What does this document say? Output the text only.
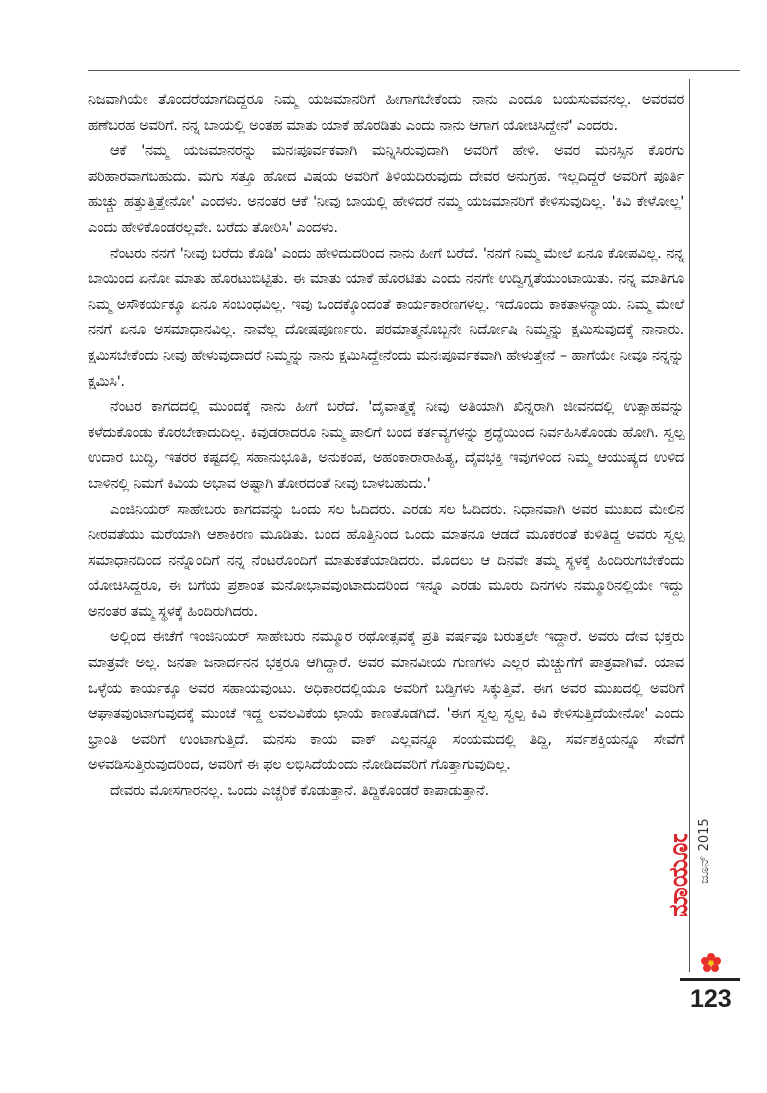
ನಿಜವಾಗಿಯೇ ತೊಂದರೆಯಾಗದಿದ್ದರೂ ನಿಮ್ಮ ಯಜಮಾನರಿಗೆ ಹೀಗಾಗಬೇಕೆಂದು ನಾನು ಎಂದೂ ಬಯಸುವವನಲ್ಲ. ಅವರವರ ಹಣೆಬರಹ ಅವರಿಗೆ. ನನ್ನ ಬಾಯಲ್ಲಿ ಅಂತಹ ಮಾತು ಯಾಕೆ ಹೊರಡಿತು ಎಂದು ನಾನು ಆಗಾಗ ಯೋಚಿಸಿದ್ದೇನೆ' ಎಂದರು.

ಆಕೆ 'ನಮ್ಮ ಯಜಮಾನರನ್ನು ಮನಃಪೂರ್ವಕವಾಗಿ ಮನ್ನಿಸಿರುವುದಾಗಿ ಅವರಿಗೆ ಹೇಳಿ. ಅವರ ಮನಸ್ಸಿನ ಕೊರಗು ಪರಿಹಾರವಾಗಬಹುದು. ಮಗು ಸತ್ತೂ ಹೋದ ವಿಷಯ ಅವರಿಗೆ ತಿಳಿಯದಿರುವುದು ದೇವರ ಅನುಗ್ರಹ. ಇಲ್ಲದಿದ್ದರೆ ಅವರಿಗೆ ಪೂರ್ತಿ ಹುಚ್ಚು ಹತ್ತುತ್ತಿತ್ತೇನೋ' ಎಂದಳು. ಅನಂತರ ಆಕೆ 'ನೀವು ಬಾಯಲ್ಲಿ ಹೇಳಿದರೆ ನಮ್ಮ ಯಜಮಾನರಿಗೆ ಕೇಳಿಸುವುದಿಲ್ಲ. 'ಕಿವಿ ಕೇಳೋಲ್ಲ' ಎಂದು ಹೇಳಿಕೊಂಡರಲ್ಲವೇ. ಬರೆದು ತೋರಿಸಿ' ಎಂದಳು.

ನೆಂಟರು ನನಗೆ 'ನೀವು ಬರೆದು ಕೊಡಿ' ಎಂದು ಹೇಳಿದುದರಿಂದ ನಾನು ಹೀಗೆ ಬರೆದೆ. 'ನನಗೆ ನಿಮ್ಮ ಮೇಲೆ ಏನೂ ಕೋಪವಿಲ್ಲ. ನನ್ನ ಬಾಯಿಂದ ಏನೋ ಮಾತು ಹೊರಟುಬಿಟ್ಟಿತು. ಈ ಮಾತು ಯಾಕೆ ಹೊರಟಿತು ಎಂದು ನನಗೇ ಉದ್ವಿಗ್ನತೆಯುಂಟಾಯಿತು. ನನ್ನ ಮಾತಿಗೂ ನಿಮ್ಮ ಅಸೌಕರ್ಯಕ್ಕೂ ಏನೂ ಸಂಬಂಧವಿಲ್ಲ. ಇವು ಒಂದಕ್ಕೊಂದಂತೆ ಕಾರ್ಯಕಾರಣಗಳಲ್ಲ. ಇದೊಂದು ಕಾಕತಾಳನ್ಯಾಯ. ನಿಮ್ಮ ಮೇಲೆ ನನಗೆ ಏನೂ ಅಸಮಾಧಾನವಿಲ್ಲ. ನಾವೆಲ್ಲ ದೋಷಪೂರ್ಣರು. ಪರಮಾತ್ಮನೊಬ್ಬನೇ ನಿರ್ದೋಷಿ ನಿಮ್ಮನ್ನು ಕ್ಷಮಿಸುವುದಕ್ಕೆ ನಾನಾರು. ಕ್ಷಮಿಸಬೇಕೆಂದು ನೀವು ಹೇಳುವುದಾದರೆ ನಿಮ್ಮನ್ನು ನಾನು ಕ್ಷಮಿಸಿದ್ದೇನೆಂದು ಮನಃಪೂರ್ವಕವಾಗಿ ಹೇಳುತ್ತೇನೆ – ಹಾಗೆಯೇ ನೀವೂ ನನ್ನನ್ನು ಕ್ಷಮಿಸಿ'.

ನೆಂಟರ ಕಾಗದದಲ್ಲಿ ಮುಂದಕ್ಕೆ ನಾನು ಹೀಗೆ ಬರೆದೆ. 'ದೈವಾತ್ಮಕ್ಕೆ ನೀವು ಅತಿಯಾಗಿ ಖಿನ್ನರಾಗಿ ಜೀವನದಲ್ಲಿ ಉತ್ಸಾಹವನ್ನು ಕಳೆದುಕೊಂಡು ಕೊರಬೇಕಾದುದಿಲ್ಲ. ಕಿವುಡರಾದರೂ ನಿಮ್ಮ ಪಾಲಿಗೆ ಬಂದ ಕರ್ತವ್ಯಗಳನ್ನು ಶ್ರದ್ಧೆಯಿಂದ ನಿರ್ವಹಿಸಿಕೊಂಡು ಹೋಗಿ. ಸ್ವಲ್ಪ ಉದಾರ ಬುದ್ಧಿ, ಇತರರ ಕಷ್ಟದಲ್ಲಿ ಸಹಾನುಭೂತಿ, ಅನುಕಂಪ, ಅಹಂಕಾರಾರಾಹಿತ್ಯ, ದೈವಭಕ್ತಿ ಇವುಗಳಿಂದ ನಿಮ್ಮ ಆಯುಷ್ಯದ ಉಳಿದ ಬಾಳಿನಲ್ಲಿ ನಿಮಗೆ ಕಿವಿಯ ಅಭಾವ ಅಷ್ಟಾಗಿ ತೋರದಂತೆ ನೀವು ಬಾಳಬಹುದು.'

ಎಂಜಿನಿಯರ್ ಸಾಹೇಬರು ಕಾಗದವನ್ನು ಒಂದು ಸಲ ಓದಿದರು. ಎರಡು ಸಲ ಓದಿದರು. ನಿಧಾನವಾಗಿ ಅವರ ಮುಖದ ಮೇಲಿನ ನೀರವತೆಯು ಮರೆಯಾಗಿ ಆಶಾಕಿರಣ ಮೂಡಿತು. ಬಂದ ಹೊತ್ತಿನಿಂದ ಒಂದು ಮಾತನೂ ಆಡದೆ ಮೂಕರಂತೆ ಕುಳಿತಿದ್ದ ಅವರು ಸ್ವಲ್ಪ ಸಮಾಧಾನದಿಂದ ನನ್ನೊಂದಿಗೆ ನನ್ನ ನೆಂಟರೊಂದಿಗೆ ಮಾತುಕತೆಯಾಡಿದರು. ಮೊದಲು ಆ ದಿನವೇ ತಮ್ಮ ಸ್ಥಳಕ್ಕೆ ಹಿಂದಿರುಗಬೇಕೆಂದು ಯೋಚಿಸಿದ್ದರೂ, ಈ ಬಗೆಯ ಪ್ರಶಾಂತ ಮನೋಭಾವವುಂಟಾದುದರಿಂದ ಇನ್ನೂ ಎರಡು ಮೂರು ದಿನಗಳು ನಮ್ಮೂರಿನಲ್ಲಿಯೇ ಇದ್ದು ಅನಂತರ ತಮ್ಮ ಸ್ಥಳಕ್ಕೆ ಹಿಂದಿರುಗಿದರು.

ಅಲ್ಲಿಂದ ಈಚೆಗೆ ಇಂಜಿನಿಯರ್ ಸಾಹೇಬರು ನಮ್ಮೂರ ರಥೋತ್ಸವಕ್ಕೆ ಪ್ರತಿ ವರ್ಷವೂ ಬರುತ್ತಲೇ ಇದ್ದಾರೆ. ಅವರು ದೇವ ಭಕ್ತರು ಮಾತ್ರವೇ ಅಲ್ಲ. ಜನತಾ ಜನಾರ್ದನನ ಭಕ್ತರೂ ಆಗಿದ್ದಾರೆ. ಅವರ ಮಾನವೀಯ ಗುಣಗಳು ಎಲ್ಲರ ಮೆಚ್ಚುಗೆಗೆ ಪಾತ್ರವಾಗಿವೆ. ಯಾವ ಒಳ್ಳೆಯ ಕಾರ್ಯಕ್ಕೂ ಅವರ ಸಹಾಯವುಂಟು. ಅಧಿಕಾರದಲ್ಲಿಯೂ ಅವರಿಗೆ ಬಡ್ತಿಗಳು ಸಿಕ್ಕುತ್ತಿವೆ. ಈಗ ಅವರ ಮುಖದಲ್ಲಿ ಅವರಿಗೆ ಆಘಾತವುಂಟಾಗುವುದಕ್ಕೆ ಮುಂಚೆ ಇದ್ದ ಲವಲವಿಕೆಯ ಛಾಯೆ ಕಾಣತೊಡಗಿದೆ. 'ಈಗ ಸ್ವಲ್ಪ ಸ್ವಲ್ಪ ಕಿವಿ ಕೇಳಿಸುತ್ತಿದೆಯೇನೋ' ಎಂದು ಭ್ರಾಂತಿ ಅವರಿಗೆ ಉಂಟಾಗುತ್ತಿದೆ. ಮನಸು ಕಾಯ ವಾಕ್ ಎಲ್ಲವನ್ನೂ ಸಂಯಮದಲ್ಲಿ ತಿದ್ದಿ, ಸರ್ವಶಕ್ತಿಯನ್ನೂ ಸೇವೆಗೆ ಅಳವಡಿಸುತ್ತಿರುವುದರಿಂದ, ಅವರಿಗೆ ಈ ಫಲ ಲಭಿಸಿದೆಯೆಂದು ನೋಡಿದವರಿಗೆ ಗೊತ್ತಾಗುವುದಿಲ್ಲ.

ದೇವರು ಮೋಸಗಾರನಲ್ಲ. ಒಂದು ಎಚ್ಚರಿಕೆ ಕೊಡುತ್ತಾನೆ. ತಿದ್ದಿಕೊಂಡರೆ ಕಾಪಾಡುತ್ತಾನೆ.

ಮಾಯೂರ ಜೂನ್ 2015
123
